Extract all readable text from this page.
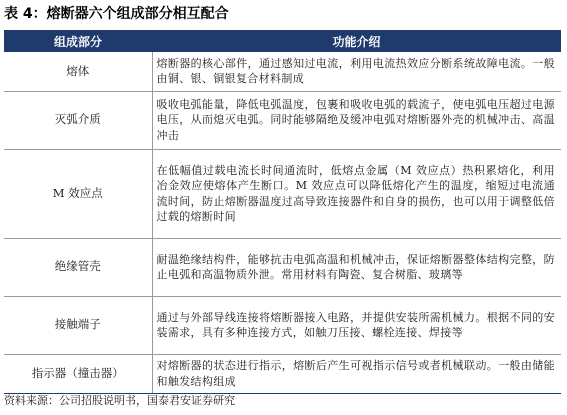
表 4：熔断器六个组成部分相互配合
组成部分	功能介绍
熔体	熔断器的核心部件，通过感知过电流，利用电流热效应分断系统故障电流。一般由铜、银、铜银复合材料制成
灭弧介质	吸收电弧能量，降低电弧温度，包裹和吸收电弧的载流子，使电弧电压超过电源电压，从而熄灭电弧。同时能够隔绝及缓冲电弧对熔断器外壳的机械冲击、高温冲击
M 效应点	在低幅值过载电流长时间通流时，低熔点金属（M 效应点）热积累熔化，利用冶金效应使熔体产生断口。M 效应点可以降低熔化产生的温度，缩短过电流通流时间，防止熔断器温度过高导致连接器件和自身的损伤，也可以用于调整低倍过载的熔断时间
绝缘管壳	耐温绝缘结构件，能够抗击电弧高温和机械冲击，保证熔断器整体结构完整，防止电弧和高温物质外泄。常用材料有陶瓷、复合树脂、玻璃等
接触端子	通过与外部导线连接将熔断器接入电路，并提供安装所需机械力。根据不同的安装需求，具有多种连接方式，如触刀压接、螺栓连接、焊接等
指示器（撞击器）	对熔断器的状态进行指示，熔断后产生可视指示信号或者机械联动。一般由储能和触发结构组成
资料来源：公司招股说明书，国泰君安证券研究
